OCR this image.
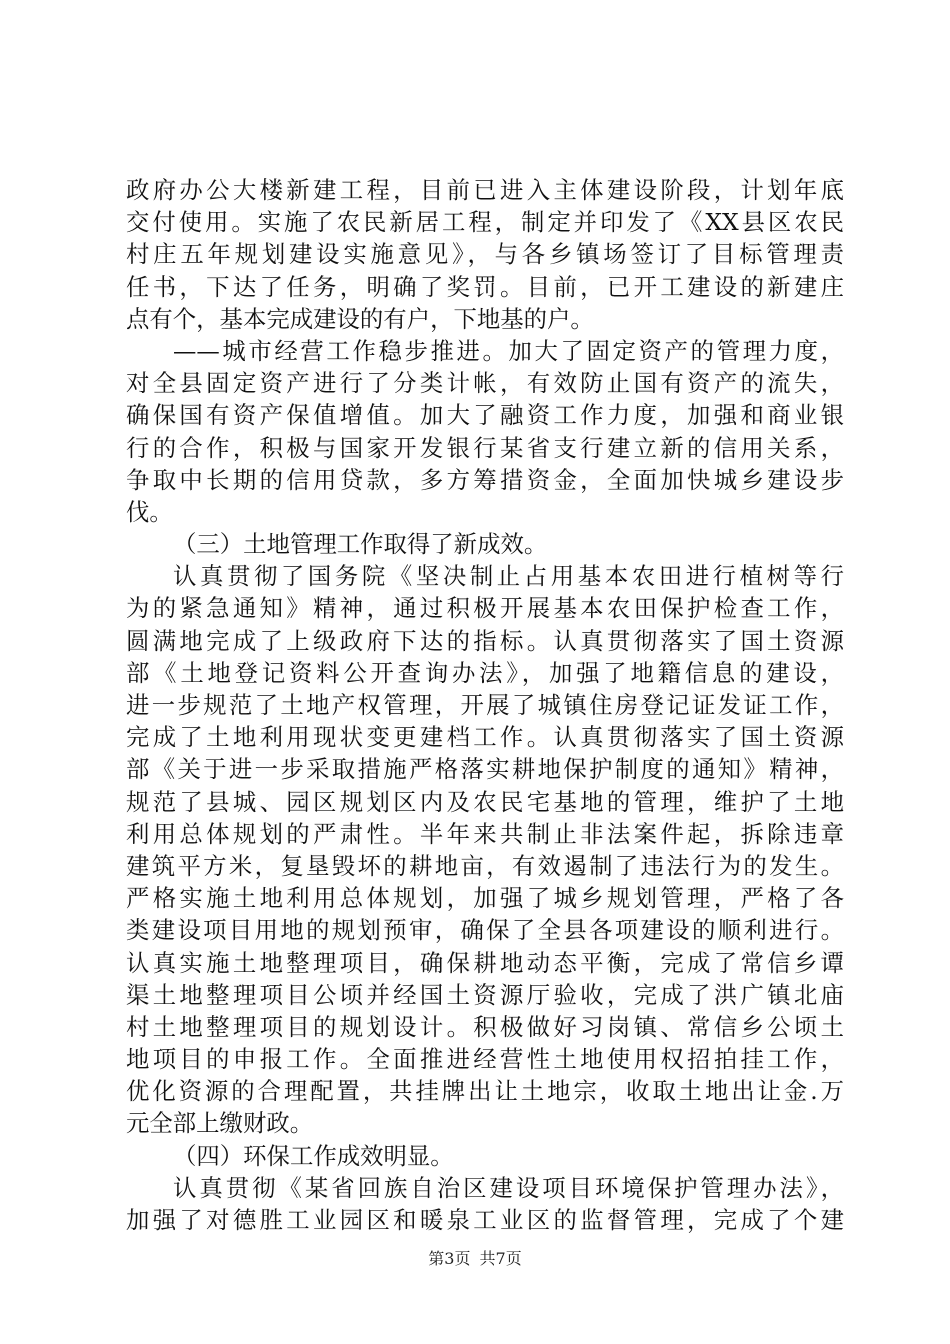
政府办公大楼新建工程，目前已进入主体建设阶段，计划年底
交付使用。实施了农民新居工程，制定并印发了《XX县区农民
村庄五年规划建设实施意见》，与各乡镇场签订了目标管理责
任书，下达了任务，明确了奖罚。目前，已开工建设的新建庄
点有个，基本完成建设的有户，下地基的户。
——城市经营工作稳步推进。加大了固定资产的管理力度，
对全县固定资产进行了分类计帐，有效防止国有资产的流失，
确保国有资产保值增值。加大了融资工作力度，加强和商业银
行的合作，积极与国家开发银行某省支行建立新的信用关系，
争取中长期的信用贷款，多方筹措资金，全面加快城乡建设步
伐。
（三）土地管理工作取得了新成效。
认真贯彻了国务院《坚决制止占用基本农田进行植树等行
为的紧急通知》精神，通过积极开展基本农田保护检查工作，
圆满地完成了上级政府下达的指标。认真贯彻落实了国土资源
部《土地登记资料公开查询办法》，加强了地籍信息的建设，
进一步规范了土地产权管理，开展了城镇住房登记证发证工作，
完成了土地利用现状变更建档工作。认真贯彻落实了国土资源
部《关于进一步采取措施严格落实耕地保护制度的通知》精神，
规范了县城、园区规划区内及农民宅基地的管理，维护了土地
利用总体规划的严肃性。半年来共制止非法案件起，拆除违章
建筑平方米，复垦毁坏的耕地亩，有效遏制了违法行为的发生。
严格实施土地利用总体规划，加强了城乡规划管理，严格了各
类建设项目用地的规划预审，确保了全县各项建设的顺利进行。
认真实施土地整理项目，确保耕地动态平衡，完成了常信乡谭
渠土地整理项目公顷并经国土资源厅验收，完成了洪广镇北庙
村土地整理项目的规划设计。积极做好习岗镇、常信乡公顷土
地项目的申报工作。全面推进经营性土地使用权招拍挂工作，
优化资源的合理配置，共挂牌出让土地宗，收取土地出让金.万
元全部上缴财政。
（四）环保工作成效明显。
认真贯彻《某省回族自治区建设项目环境保护管理办法》，
加强了对德胜工业园区和暖泉工业区的监督管理，完成了个建
第3页 共7页
